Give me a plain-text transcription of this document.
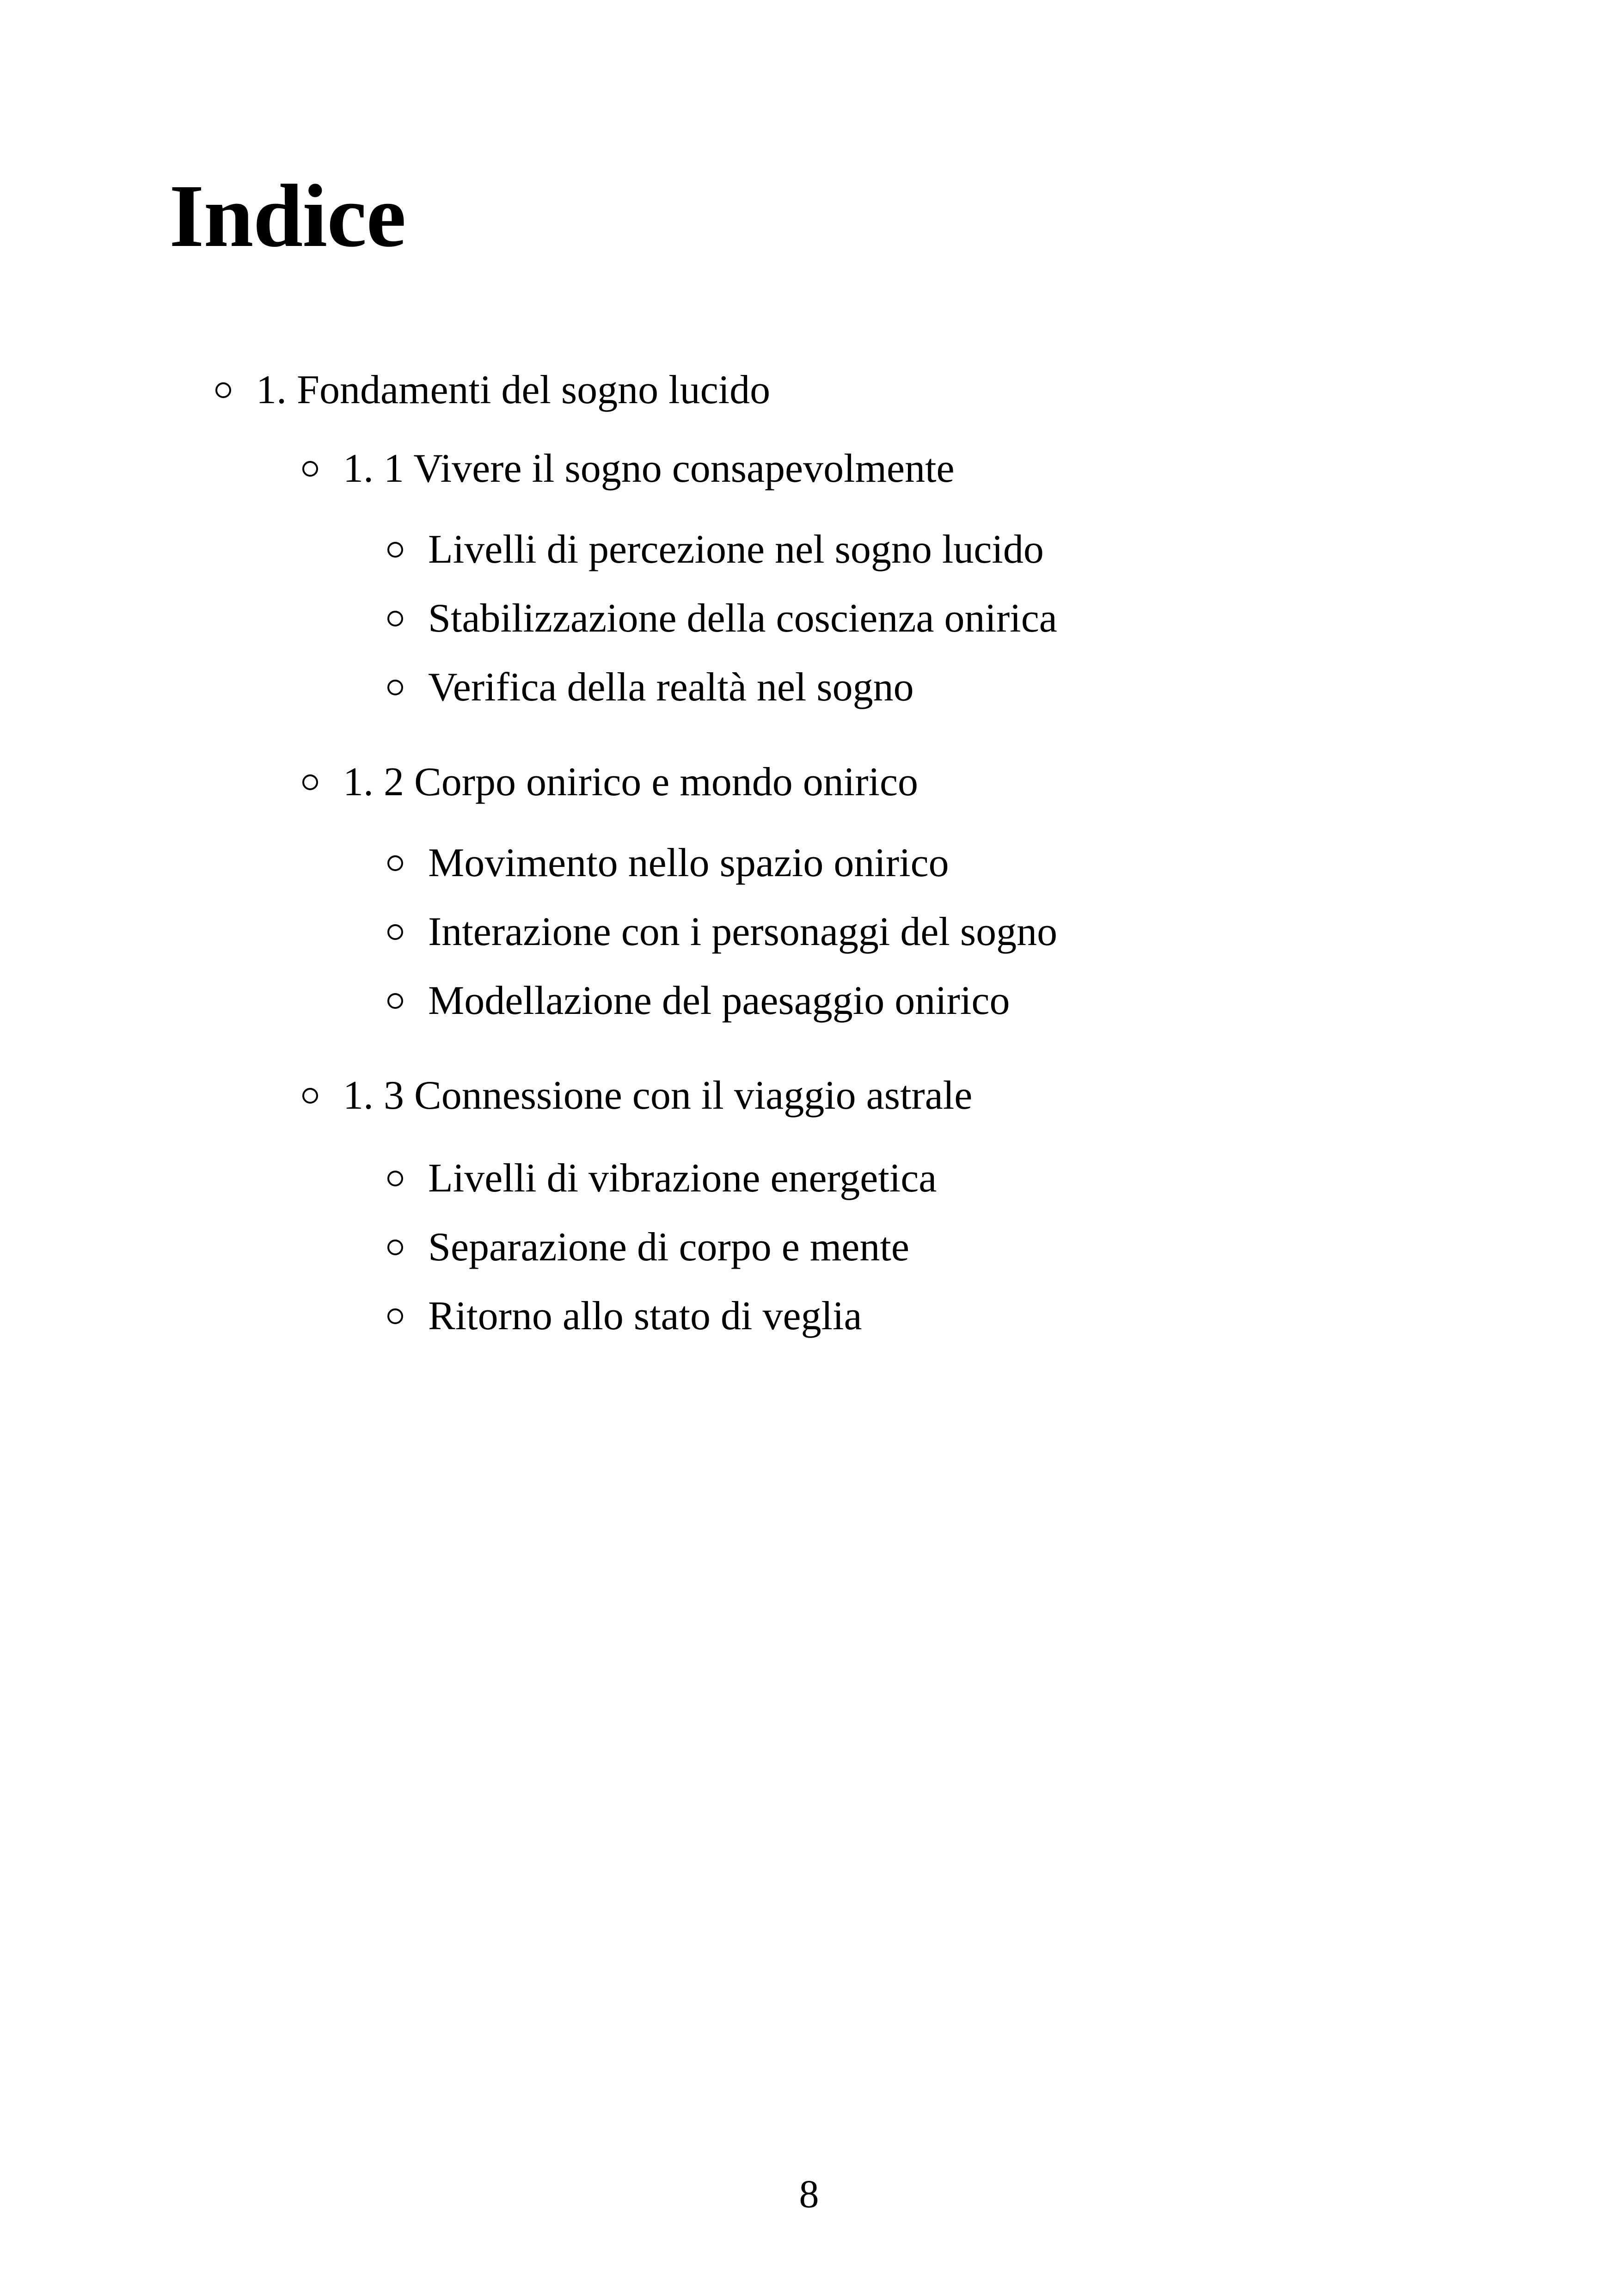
Indice
1. Fondamenti del sogno lucido
1. 1 Vivere il sogno consapevolmente
Livelli di percezione nel sogno lucido
Stabilizzazione della coscienza onirica
Verifica della realtà nel sogno
1. 2 Corpo onirico e mondo onirico
Movimento nello spazio onirico
Interazione con i personaggi del sogno
Modellazione del paesaggio onirico
1. 3 Connessione con il viaggio astrale
Livelli di vibrazione energetica
Separazione di corpo e mente
Ritorno allo stato di veglia
8
